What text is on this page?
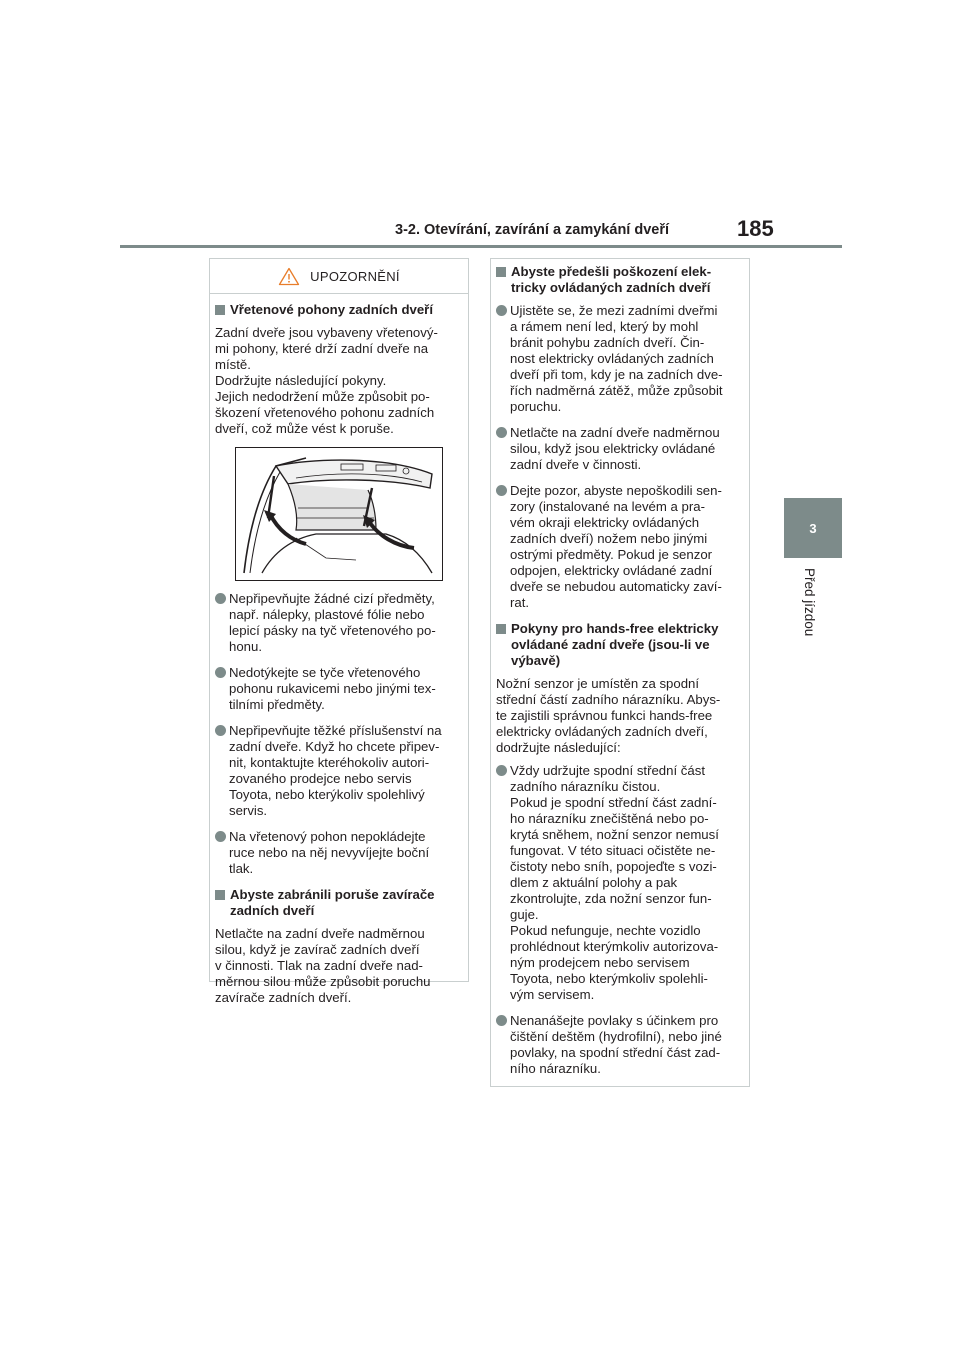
3-2. Otevírání, zavírání a zamykání dveří	185
3
Před jízdou
UPOZORNĚNÍ
Vřetenové pohony zadních dveří
Zadní dveře jsou vybaveny vřetenový-
mi pohony, které drží zadní dveře na
místě.
Dodržujte následující pokyny.
Jejich nedodržení může způsobit po-
škození vřetenového pohonu zadních
dveří, což může vést k poruše.
Nepřipevňujte žádné cizí předměty,
např. nálepky, plastové fólie nebo
lepicí pásky na tyč vřetenového po-
honu.
Nedotýkejte se tyče vřetenového
pohonu rukavicemi nebo jinými tex-
tilními předměty.
Nepřipevňujte těžké příslušenství na
zadní dveře. Když ho chcete připev-
nit, kontaktujte kteréhokoliv autori-
zovaného prodejce nebo servis
Toyota, nebo kterýkoliv spolehlivý
servis.
Na vřetenový pohon nepokládejte
ruce nebo na něj nevyvíjejte boční
tlak.
Abyste zabránili poruše zavírače
zadních dveří
Netlačte na zadní dveře nadměrnou
silou, když je zavírač zadních dveří
v činnosti. Tlak na zadní dveře nad-
měrnou silou může způsobit poruchu
zavírače zadních dveří.
Abyste předešli poškození elek-
tricky ovládaných zadních dveří
Ujistěte se, že mezi zadními dveřmi
a rámem není led, který by mohl
bránit pohybu zadních dveří. Čin-
nost elektricky ovládaných zadních
dveří při tom, kdy je na zadních dve-
řích nadměrná zátěž, může způsobit
poruchu.
Netlačte na zadní dveře nadměrnou
silou, když jsou elektricky ovládané
zadní dveře v činnosti.
Dejte pozor, abyste nepoškodili sen-
zory (instalované na levém a pra-
vém okraji elektricky ovládaných
zadních dveří) nožem nebo jinými
ostrými předměty. Pokud je senzor
odpojen, elektricky ovládané zadní
dveře se nebudou automaticky zaví-
rat.
Pokyny pro hands-free elektricky
ovládané zadní dveře (jsou-li ve
výbavě)
Nožní senzor je umístěn za spodní
střední částí zadního nárazníku. Abys-
te zajistili správnou funkci hands-free
elektricky ovládaných zadních dveří,
dodržujte následující:
Vždy udržujte spodní střední část
zadního nárazníku čistou.
Pokud je spodní střední část zadní-
ho nárazníku znečištěná nebo po-
krytá sněhem, nožní senzor nemusí
fungovat. V této situaci očistěte ne-
čistoty nebo sníh, popojeďte s vozi-
dlem z aktuální polohy a pak
zkontrolujte, zda nožní senzor fun-
guje.
Pokud nefunguje, nechte vozidlo
prohlédnout kterýmkoliv autorizova-
ným prodejcem nebo servisem
Toyota, nebo kterýmkoliv spolehli-
vým servisem.
Nenanášejte povlaky s účinkem pro
čištění deštěm (hydrofilní), nebo jiné
povlaky, na spodní střední část zad-
ního nárazníku.
